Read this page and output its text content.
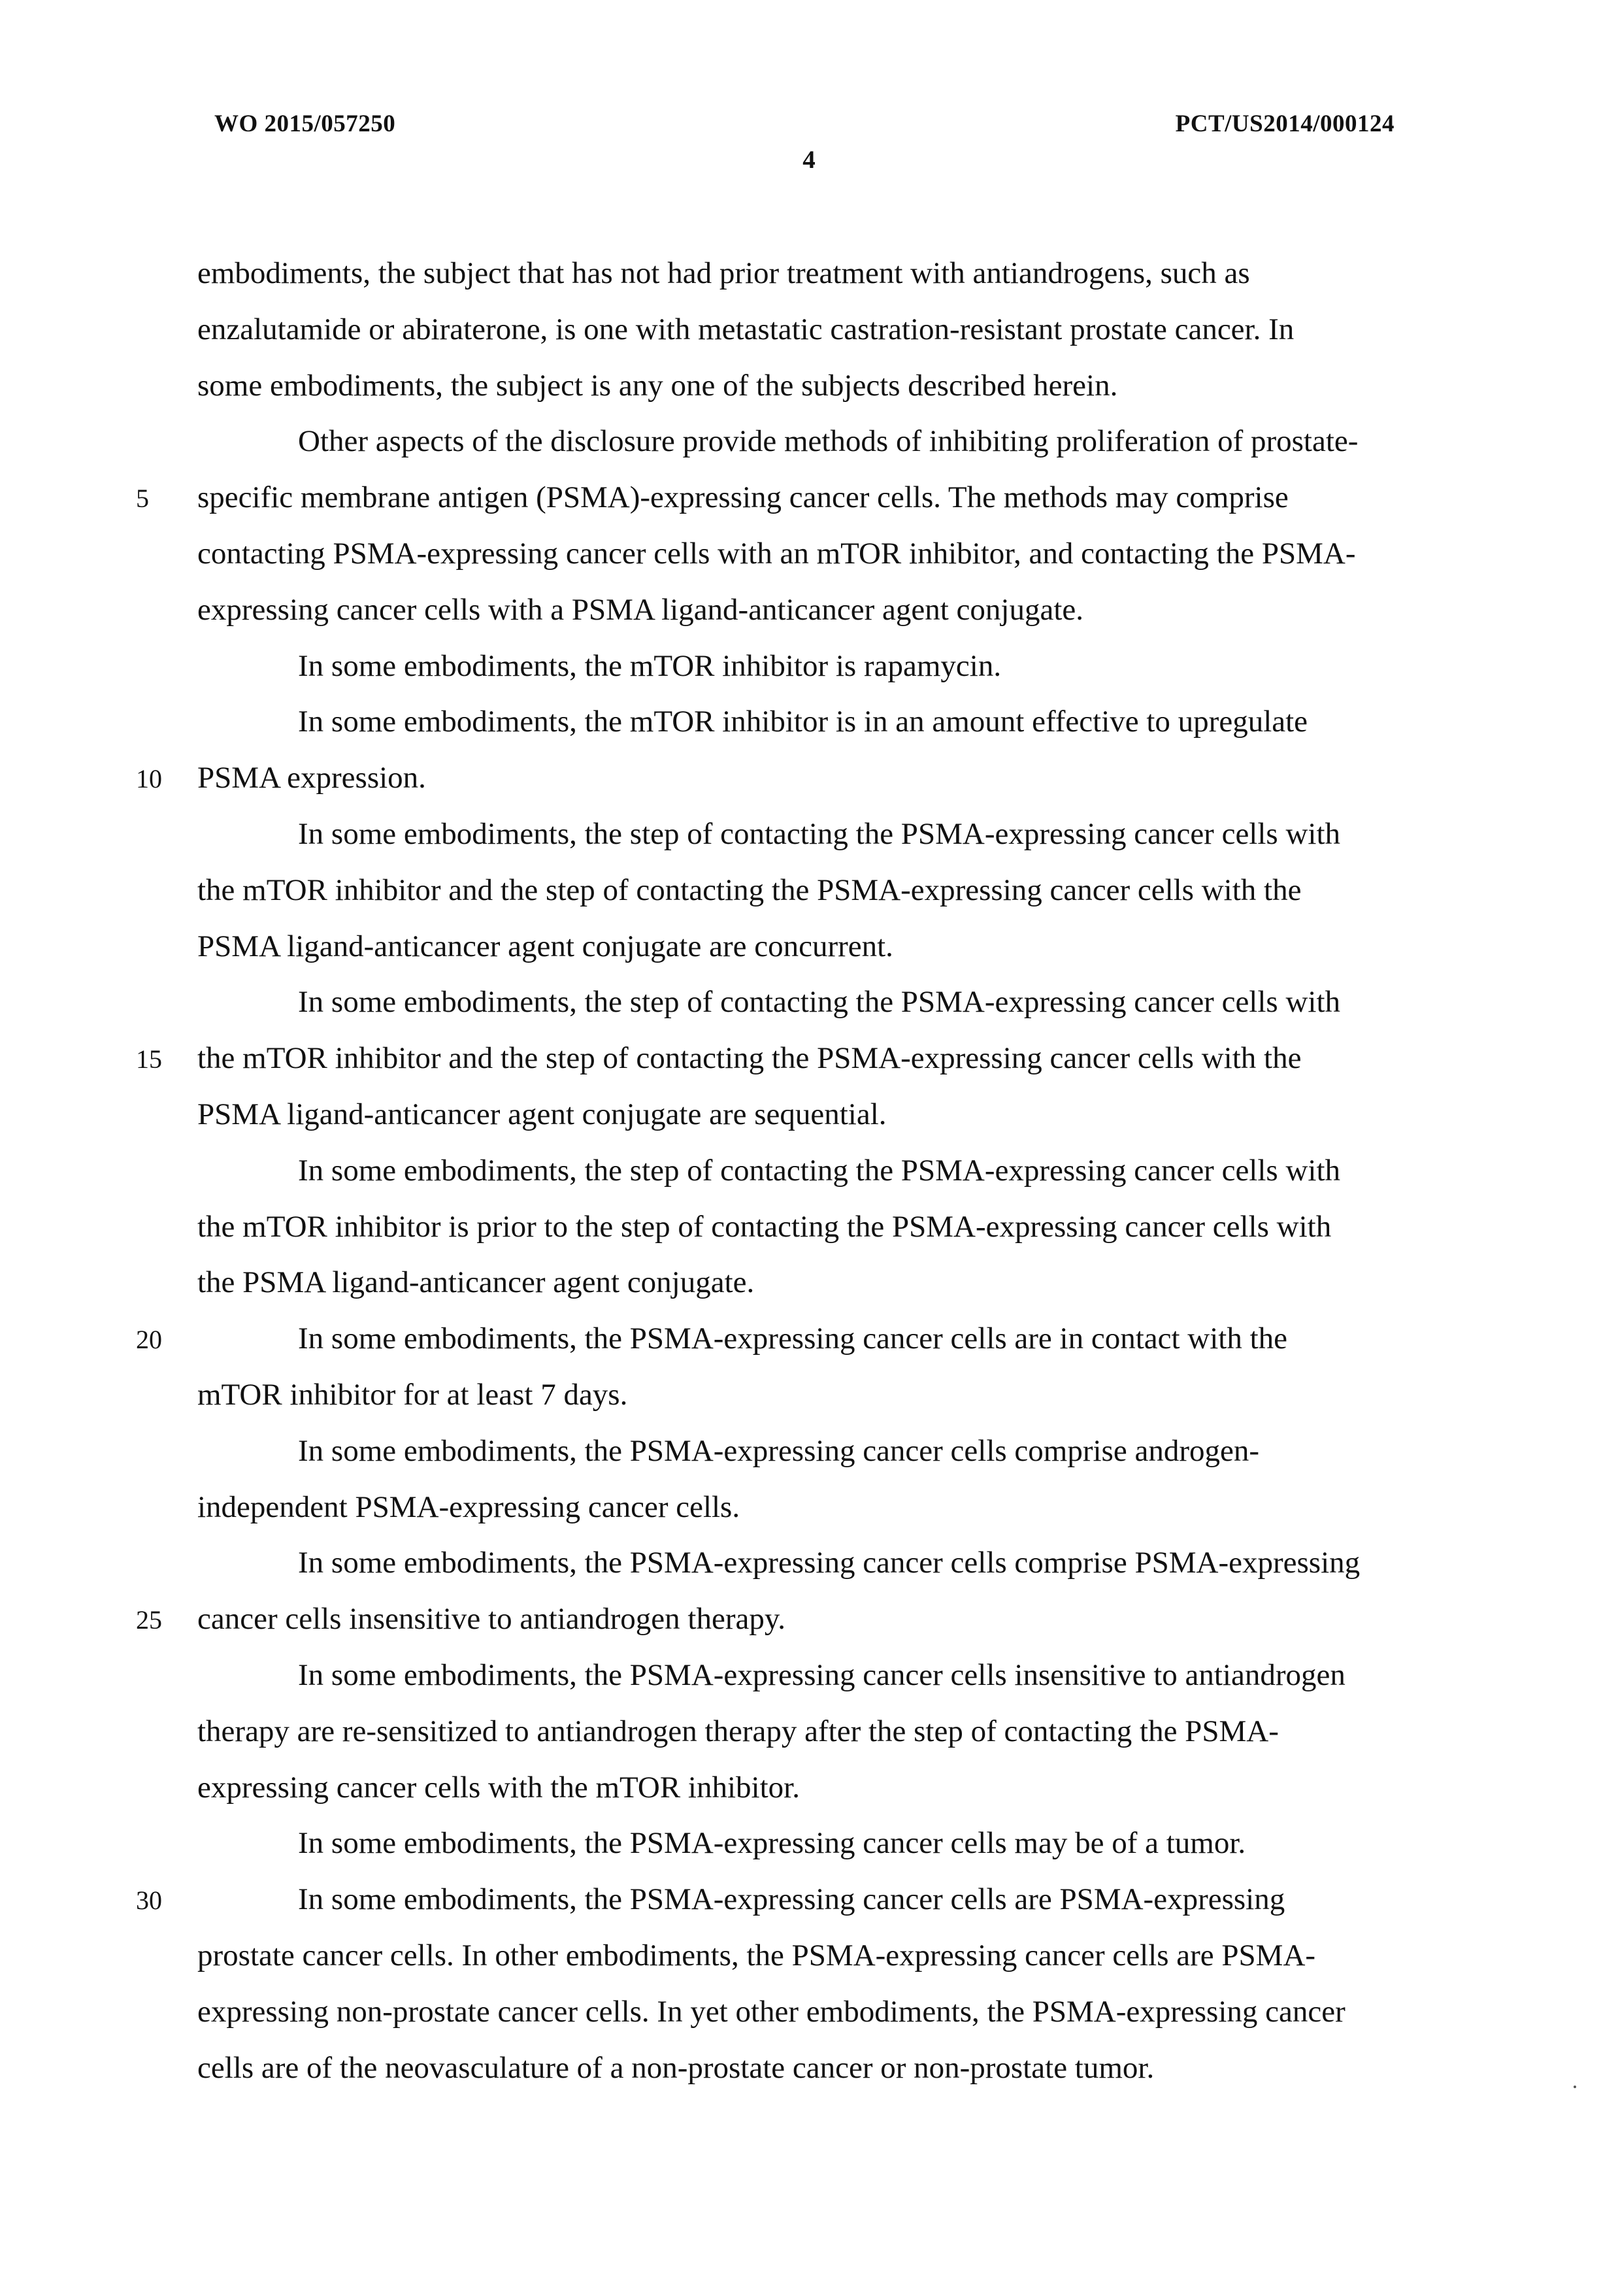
WO 2015/057250	PCT/US2014/000124
4
embodiments, the subject that has not had prior treatment with antiandrogens, such as
enzalutamide or abiraterone, is one with metastatic castration-resistant prostate cancer. In
some embodiments, the subject is any one of the subjects described herein.
Other aspects of the disclosure provide methods of inhibiting proliferation of prostate-
specific membrane antigen (PSMA)-expressing cancer cells. The methods may comprise
contacting PSMA-expressing cancer cells with an mTOR inhibitor, and contacting the PSMA-
expressing cancer cells with a PSMA ligand-anticancer agent conjugate.
In some embodiments, the mTOR inhibitor is rapamycin.
In some embodiments, the mTOR inhibitor is in an amount effective to upregulate
PSMA expression.
In some embodiments, the step of contacting the PSMA-expressing cancer cells with
the mTOR inhibitor and the step of contacting the PSMA-expressing cancer cells with the
PSMA ligand-anticancer agent conjugate are concurrent.
In some embodiments, the step of contacting the PSMA-expressing cancer cells with
the mTOR inhibitor and the step of contacting the PSMA-expressing cancer cells with the
PSMA ligand-anticancer agent conjugate are sequential.
In some embodiments, the step of contacting the PSMA-expressing cancer cells with
the mTOR inhibitor is prior to the step of contacting the PSMA-expressing cancer cells with
the PSMA ligand-anticancer agent conjugate.
In some embodiments, the PSMA-expressing cancer cells are in contact with the
mTOR inhibitor for at least 7 days.
In some embodiments, the PSMA-expressing cancer cells comprise androgen-
independent PSMA-expressing cancer cells.
In some embodiments, the PSMA-expressing cancer cells comprise PSMA-expressing
cancer cells insensitive to antiandrogen therapy.
In some embodiments, the PSMA-expressing cancer cells insensitive to antiandrogen
therapy are re-sensitized to antiandrogen therapy after the step of contacting the PSMA-
expressing cancer cells with the mTOR inhibitor.
In some embodiments, the PSMA-expressing cancer cells may be of a tumor.
In some embodiments, the PSMA-expressing cancer cells are PSMA-expressing
prostate cancer cells. In other embodiments, the PSMA-expressing cancer cells are PSMA-
expressing non-prostate cancer cells. In yet other embodiments, the PSMA-expressing cancer
cells are of the neovasculature of a non-prostate cancer or non-prostate tumor.
5
10
15
20
25
30
